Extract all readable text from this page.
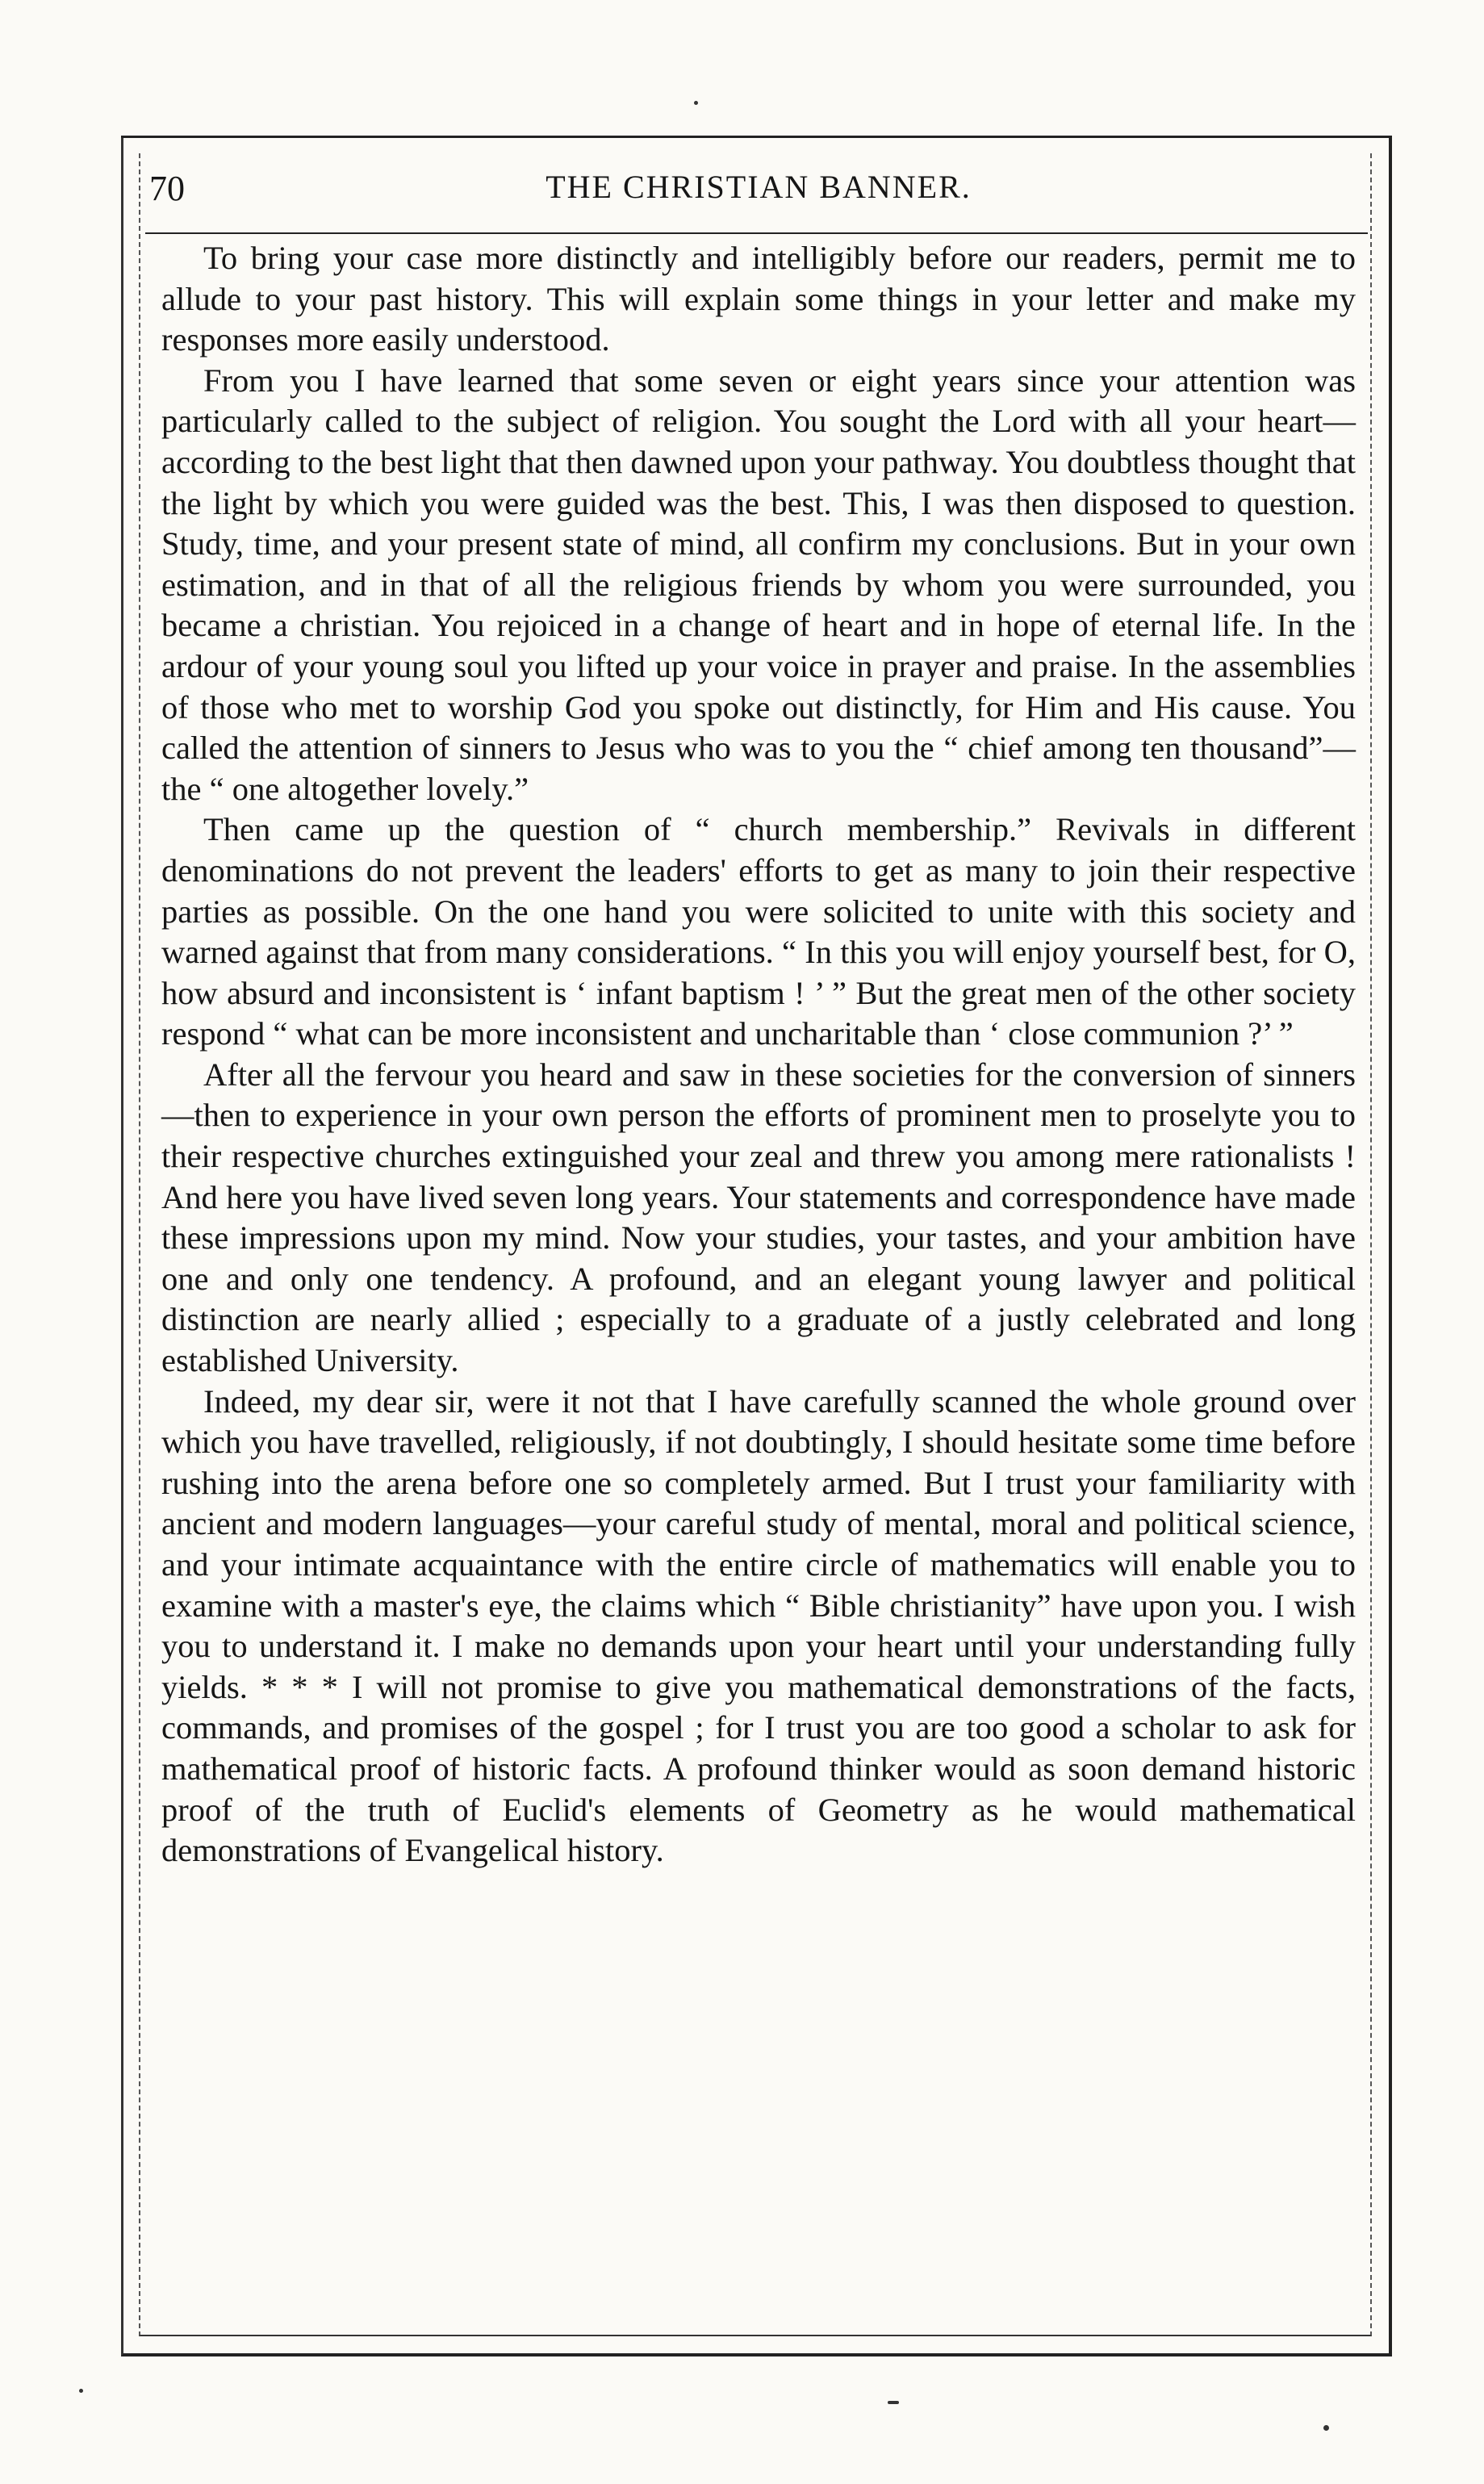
70	THE CHRISTIAN BANNER.

To bring your case more distinctly and intelligibly before our readers, permit me to allude to your past history. This will explain some things in your letter and make my responses more easily understood.

From you I have learned that some seven or eight years since your attention was particularly called to the subject of religion. You sought the Lord with all your heart—according to the best light that then dawned upon your pathway. You doubtless thought that the light by which you were guided was the best. This, I was then disposed to question. Study, time, and your present state of mind, all confirm my conclusions. But in your own estimation, and in that of all the religious friends by whom you were surrounded, you became a christian. You rejoiced in a change of heart and in hope of eternal life. In the ardour of your young soul you lifted up your voice in prayer and praise. In the assemblies of those who met to worship God you spoke out distinctly, for Him and His cause. You called the attention of sinners to Jesus who was to you the “ chief among ten thousand”—the “ one altogether lovely.”

Then came up the question of “ church membership.” Revivals in different denominations do not prevent the leaders' efforts to get as many to join their respective parties as possible. On the one hand you were solicited to unite with this society and warned against that from many considerations. “ In this you will enjoy yourself best, for O, how absurd and inconsistent is ‘ infant baptism ! ’ ” But the great men of the other society respond “ what can be more inconsistent and uncharitable than ‘ close communion ?’ ”

After all the fervour you heard and saw in these societies for the conversion of sinners—then to experience in your own person the efforts of prominent men to proselyte you to their respective churches extinguished your zeal and threw you among mere rationalists ! And here you have lived seven long years. Your statements and correspondence have made these impressions upon my mind. Now your studies, your tastes, and your ambition have one and only one tendency. A profound, and an elegant young lawyer and political distinction are nearly allied ; especially to a graduate of a justly celebrated and long established University.

Indeed, my dear sir, were it not that I have carefully scanned the whole ground over which you have travelled, religiously, if not doubtingly, I should hesitate some time before rushing into the arena before one so completely armed. But I trust your familiarity with ancient and modern languages—your careful study of mental, moral and political science, and your intimate acquaintance with the entire circle of mathematics will enable you to examine with a master's eye, the claims which “ Bible christianity” have upon you. I wish you to understand it. I make no demands upon your heart until your understanding fully yields. * * * I will not promise to give you mathematical demonstrations of the facts, commands, and promises of the gospel ; for I trust you are too good a scholar to ask for mathematical proof of historic facts. A profound thinker would as soon demand historic proof of the truth of Euclid's elements of Geometry as he would mathematical demonstrations of Evangelical history.
